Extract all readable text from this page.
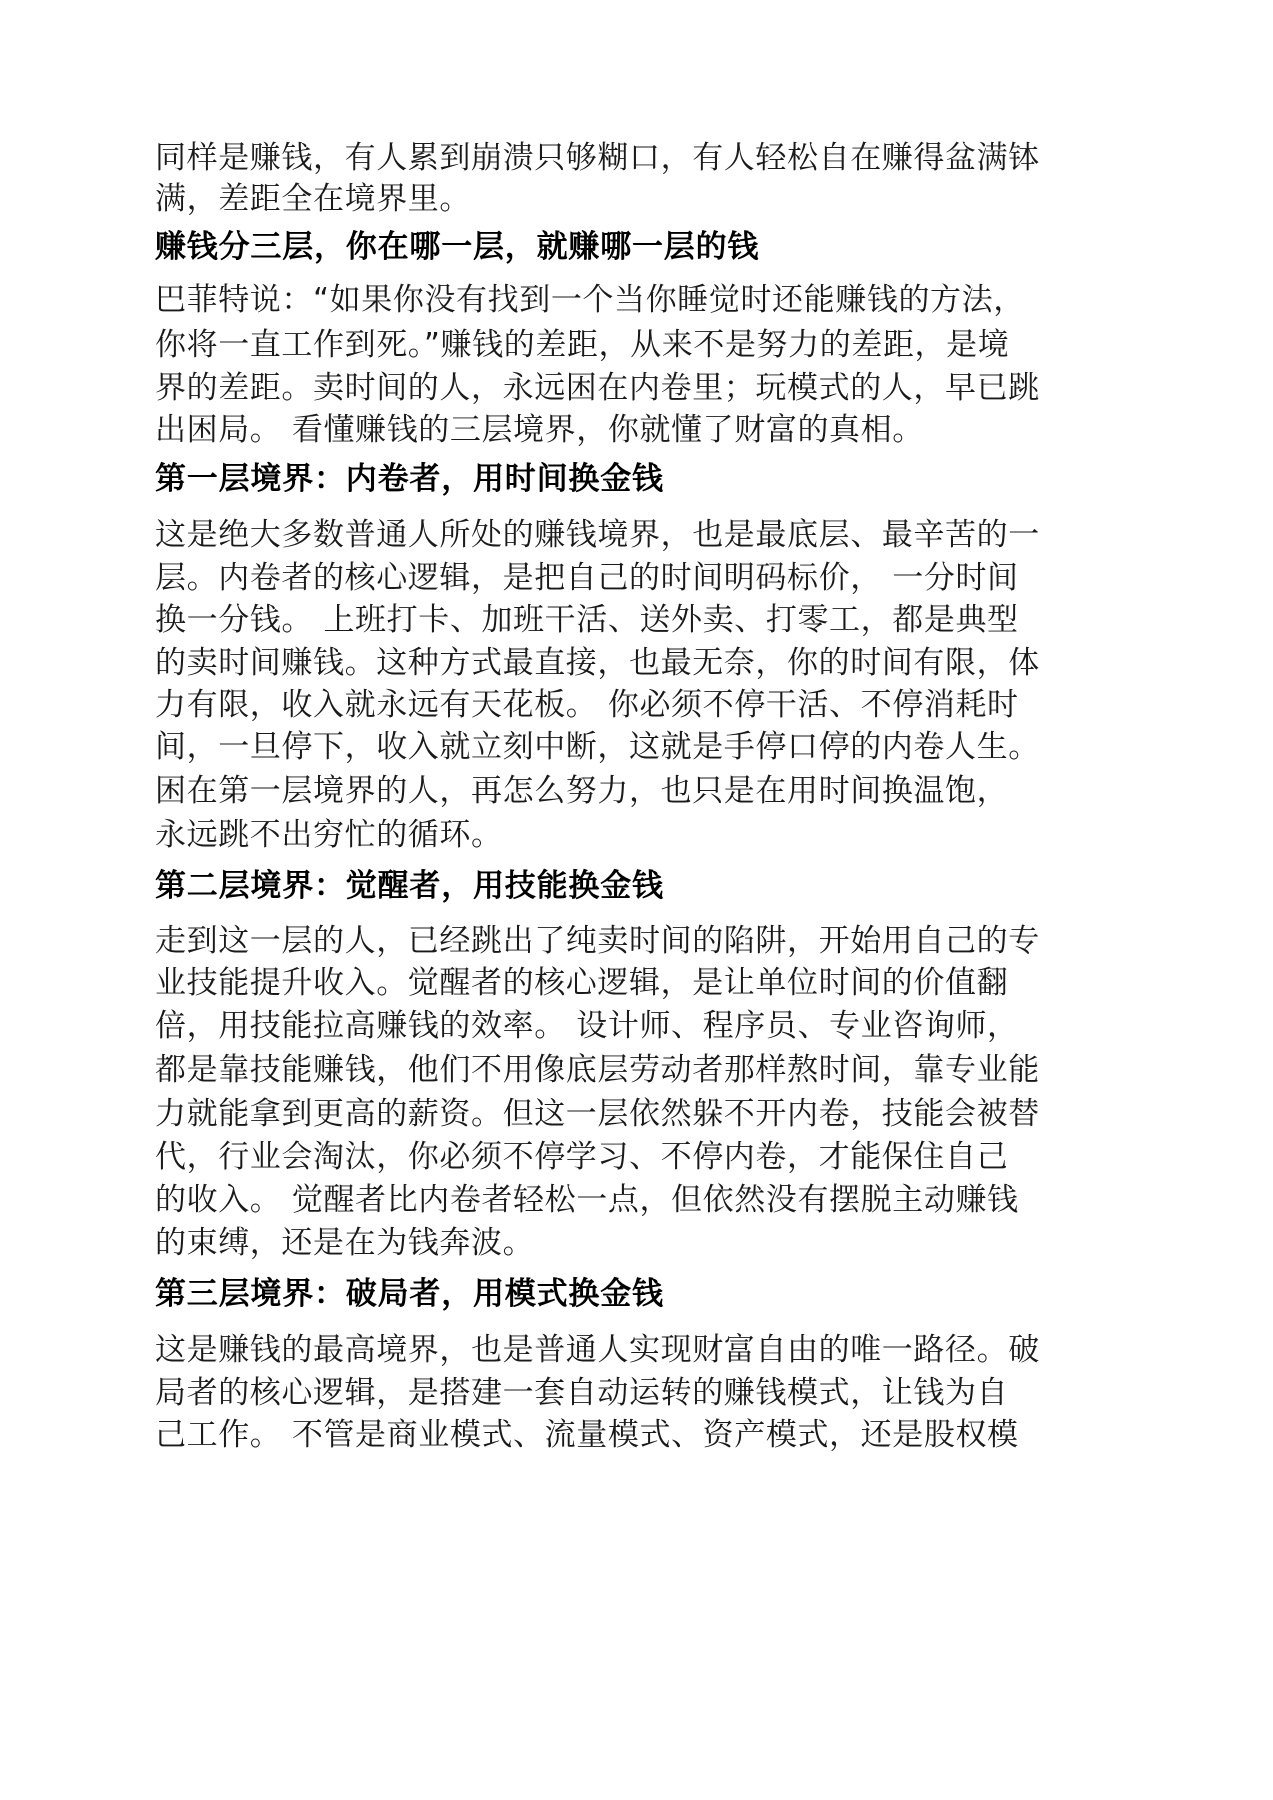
同样是赚钱，有人累到崩溃只够糊口，有人轻松自在赚得盆满钵
满，差距全在境界里。
赚钱分三层，你在哪一层，就赚哪一层的钱
巴菲特说：“如果你没有找到一个当你睡觉时还能赚钱的方法，
你将一直工作到死。”赚钱的差距，从来不是努力的差距，是境
界的差距。卖时间的人，永远困在内卷里；玩模式的人，早已跳
出困局。 看懂赚钱的三层境界，你就懂了财富的真相。
第一层境界：内卷者，用时间换金钱
这是绝大多数普通人所处的赚钱境界，也是最底层、最辛苦的一
层。内卷者的核心逻辑，是把自己的时间明码标价， 一分时间
换一分钱。 上班打卡、加班干活、送外卖、打零工，都是典型
的卖时间赚钱。这种方式最直接，也最无奈，你的时间有限，体
力有限，收入就永远有天花板。 你必须不停干活、不停消耗时
间，一旦停下，收入就立刻中断，这就是手停口停的内卷人生。
困在第一层境界的人，再怎么努力，也只是在用时间换温饱，
永远跳不出穷忙的循环。
第二层境界：觉醒者，用技能换金钱
走到这一层的人，已经跳出了纯卖时间的陷阱，开始用自己的专
业技能提升收入。觉醒者的核心逻辑，是让单位时间的价值翻
倍，用技能拉高赚钱的效率。 设计师、程序员、专业咨询师，
都是靠技能赚钱，他们不用像底层劳动者那样熬时间，靠专业能
力就能拿到更高的薪资。但这一层依然躲不开内卷，技能会被替
代，行业会淘汰，你必须不停学习、不停内卷，才能保住自己
的收入。 觉醒者比内卷者轻松一点，但依然没有摆脱主动赚钱
的束缚，还是在为钱奔波。
第三层境界：破局者，用模式换金钱
这是赚钱的最高境界，也是普通人实现财富自由的唯一路径。破
局者的核心逻辑，是搭建一套自动运转的赚钱模式，让钱为自
己工作。 不管是商业模式、流量模式、资产模式，还是股权模
